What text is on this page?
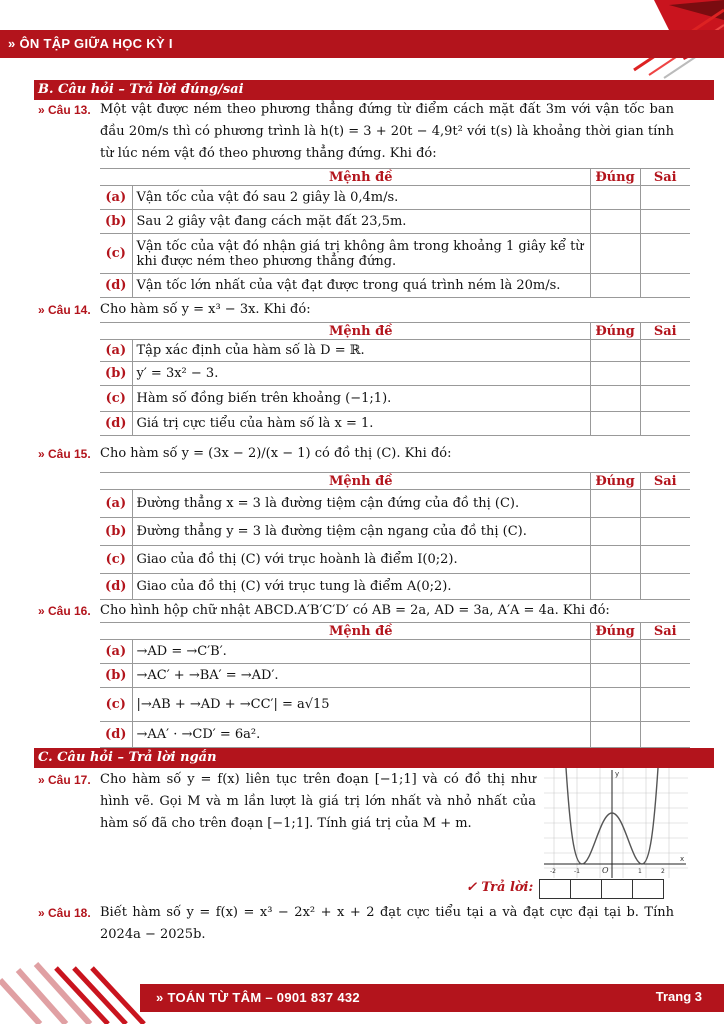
» ÔN TẬP GIỮA HỌC KỲ I
B. Câu hỏi – Trả lời đúng/sai
» Câu 13. Một vật được ném theo phương thẳng đứng từ điểm cách mặt đất 3m với vận tốc ban đầu 20m/s thì có phương trình là h(t) = 3 + 20t − 4,9t² với t(s) là khoảng thời gian tính từ lúc ném vật đó theo phương thẳng đứng. Khi đó:
	Mệnh đề	Đúng	Sai
(a)	Vận tốc của vật đó sau 2 giây là 0,4m/s.		
(b)	Sau 2 giây vật đang cách mặt đất 23,5m.		
(c)	Vận tốc của vật đó nhận giá trị không âm trong khoảng 1 giây kể từ khi được ném theo phương thẳng đứng.		
(d)	Vận tốc lớn nhất của vật đạt được trong quá trình ném là 20m/s.		
» Câu 14. Cho hàm số y = x³ − 3x. Khi đó:
	Mệnh đề	Đúng	Sai
(a)	Tập xác định của hàm số là D = ℝ.		
(b)	y′ = 3x² − 3.		
(c)	Hàm số đồng biến trên khoảng (−1;1).		
(d)	Giá trị cực tiểu của hàm số là x = 1.		
» Câu 15. Cho hàm số y = (3x − 2)/(x − 1) có đồ thị (C). Khi đó:
	Mệnh đề	Đúng	Sai
(a)	Đường thẳng x = 3 là đường tiệm cận đứng của đồ thị (C).		
(b)	Đường thẳng y = 3 là đường tiệm cận ngang của đồ thị (C).		
(c)	Giao của đồ thị (C) với trục hoành là điểm I(0;2).		
(d)	Giao của đồ thị (C) với trục tung là điểm A(0;2).		
» Câu 16. Cho hình hộp chữ nhật ABCD.A′B′C′D′ có AB = 2a, AD = 3a, A′A = 4a. Khi đó:
	Mệnh đề	Đúng	Sai
(a)	→AD = →C′B′.		
(b)	→AC′ + →BA′ = →AD′.		
(c)	|→AB + →AD + →CC′| = a√15		
(d)	→AA′ · →CD′ = 6a².		
C. Câu hỏi – Trả lời ngắn
» Câu 17. Cho hàm số y = f(x) liên tục trên đoạn [−1;1] và có đồ thị như hình vẽ. Gọi M và m lần lượt là giá trị lớn nhất và nhỏ nhất của hàm số đã cho trên đoạn [−1;1]. Tính giá trị của M + m.
x
y
-2	-1	O	1	2
✓ Trả lời:
» Câu 18. Biết hàm số y = f(x) = x³ − 2x² + x + 2 đạt cực tiểu tại a và đạt cực đại tại b. Tính 2024a − 2025b.
» TOÁN TỪ TÂM – 0901 837 432	Trang 3
